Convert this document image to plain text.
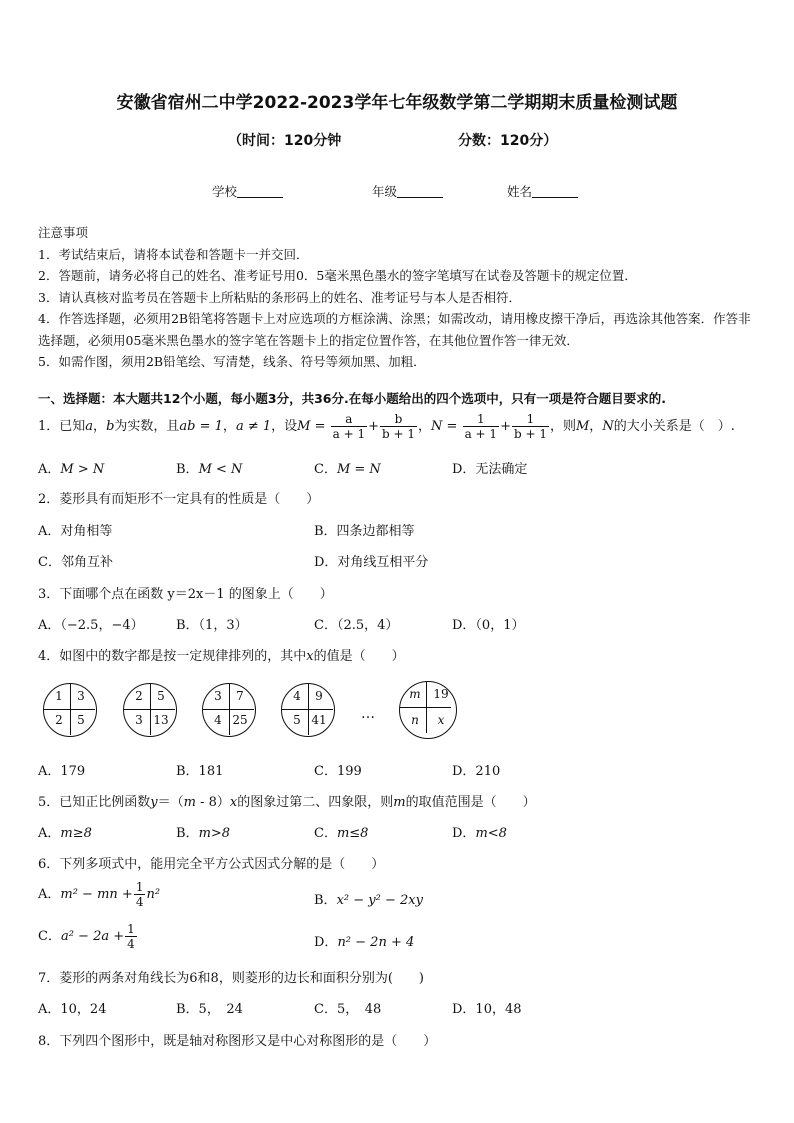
安徽省宿州二中学2022-2023学年七年级数学第二学期期末质量检测试题
（时间：120分钟	分数：120分）
学校	年级	姓名
注意事项
1．考试结束后，请将本试卷和答题卡一并交回．
2．答题前，请务必将自己的姓名、准考证号用0．5毫米黑色墨水的签字笔填写在试卷及答题卡的规定位置．
3．请认真核对监考员在答题卡上所粘贴的条形码上的姓名、准考证号与本人是否相符．
4．作答选择题，必须用2B铅笔将答题卡上对应选项的方框涂满、涂黑；如需改动，请用橡皮擦干净后，再选涂其他答案．作答非选择题，必须用05毫米黑色墨水的签字笔在答题卡上的指定位置作答，在其他位置作答一律无效．
5．如需作图，须用2B铅笔绘、写清楚，线条、符号等须加黑、加粗．
一、选择题：本大题共12个小题，每小题3分，共36分.在每小题给出的四个选项中，只有一项是符合题目要求的.
1．已知a，b为实数，且ab = 1，a ≠ 1，设$M = \frac{a}{a + 1} + \frac{b}{b + 1}$ ，$N = \frac{1}{a + 1} + \frac{1}{b + 1}$ ，则M，N的大小关系是（　）.
A．M > N	B．M < N	C．M = N	D．无法确定
2．菱形具有而矩形不一定具有的性质是（　　）
A．对角相等	B．四条边都相等
C．邻角互补	D．对角线互相平分
3．下面哪个点在函数 y＝2x－1 的图象上（　　）
A．（−2.5，−4） B．（1，3）	C．（2.5，4）	D．（0，1）
4．如图中的数字都是按一定规律排列的，其中x的值是（　　）
1	3
2	5
2	5
3 13
3	7
4 25
4	9
5 41	…
m	19
n	x
A．179	B．181	C．199	D．210
5．已知正比例函数y＝（m - 8）x的图象过第二、四象限，则m的取值范围是（　　）
A．m≥8	B．m>8	C．m≤8	D．m<8
6．下列多项式中，能用完全平方公式因式分解的是（　　）
A．m² − mn + $\frac{1}{4} n^2$	B．x² − y² − 2xy
C．$a^2 - 2a + \frac{1}{4}$	D．n² − 2n + 4
7．菱形的两条对角线长为6和8，则菱形的边长和面积分别为(　　)
A．10，24	B．5，　24	C．5，　48	D．10，48
8．下列四个图形中，既是轴对称图形又是中心对称图形的是（　　）
